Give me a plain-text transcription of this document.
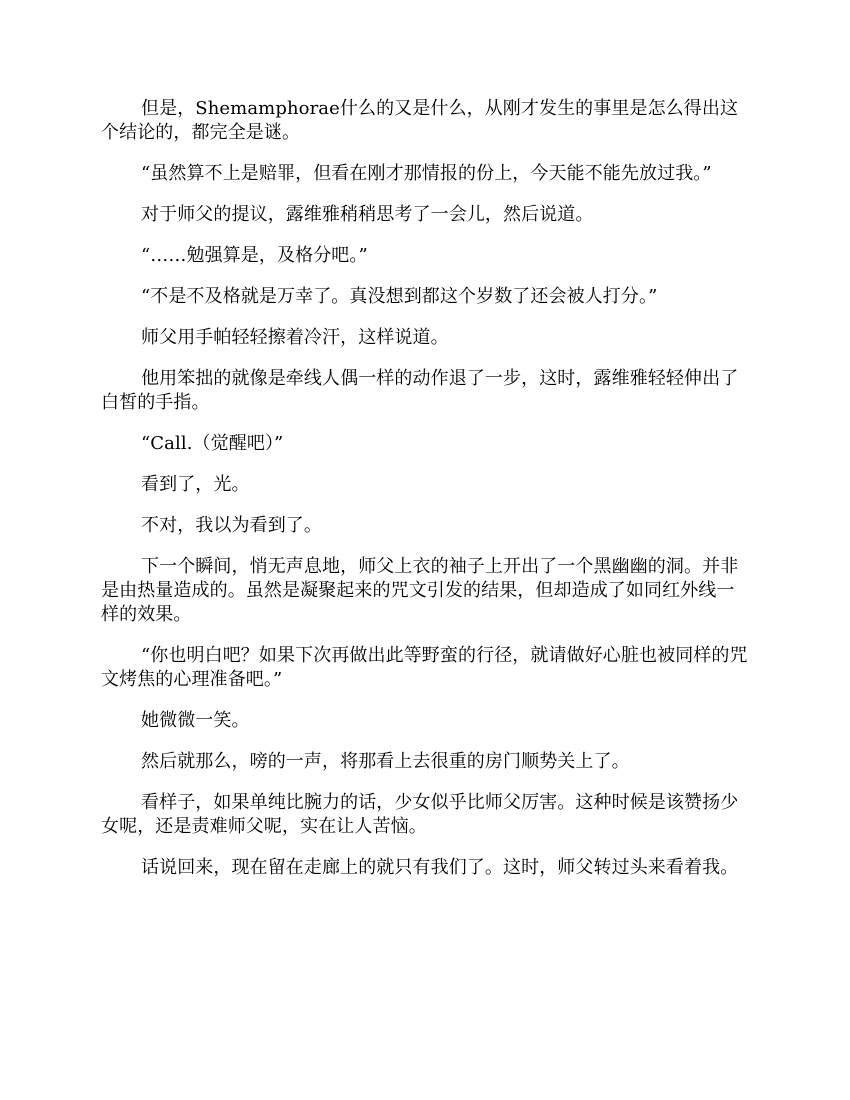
但是，Shemamphorae什么的又是什么，从刚才发生的事里是怎么得出这个结论的，都完全是谜。

“虽然算不上是赔罪，但看在刚才那情报的份上，今天能不能先放过我。”

对于师父的提议，露维雅稍稍思考了一会儿，然后说道。

“……勉强算是，及格分吧。”

“不是不及格就是万幸了。真没想到都这个岁数了还会被人打分。”

师父用手帕轻轻擦着冷汗，这样说道。

他用笨拙的就像是牵线人偶一样的动作退了一步，这时，露维雅轻轻伸出了白皙的手指。

“Call.（觉醒吧）”

看到了，光。

不对，我以为看到了。

下一个瞬间，悄无声息地，师父上衣的袖子上开出了一个黑幽幽的洞。并非是由热量造成的。虽然是凝聚起来的咒文引发的结果，但却造成了如同红外线一样的效果。

“你也明白吧？如果下次再做出此等野蛮的行径，就请做好心脏也被同样的咒文烤焦的心理准备吧。”

她微微一笑。

然后就那么，嗙的一声，将那看上去很重的房门顺势关上了。

看样子，如果单纯比腕力的话，少女似乎比师父厉害。这种时候是该赞扬少女呢，还是责难师父呢，实在让人苦恼。

话说回来，现在留在走廊上的就只有我们了。这时，师父转过头来看着我。
